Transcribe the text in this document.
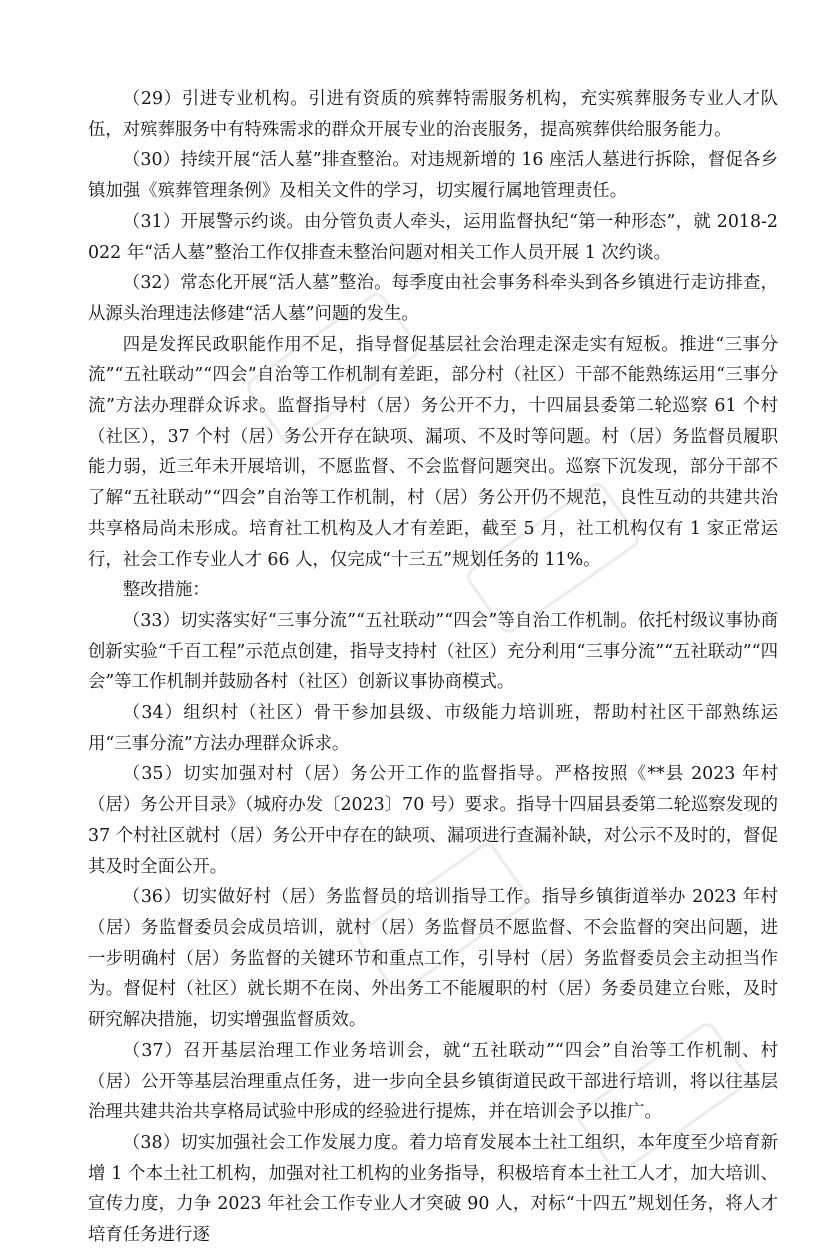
（29）引进专业机构。引进有资质的殡葬特需服务机构，充实殡葬服务专业人才队伍，对殡葬服务中有特殊需求的群众开展专业的治丧服务，提高殡葬供给服务能力。

（30）持续开展“活人墓”排查整治。对违规新增的 16 座活人墓进行拆除，督促各乡镇加强《殡葬管理条例》及相关文件的学习，切实履行属地管理责任。

（31）开展警示约谈。由分管负责人牵头，运用监督执纪“第一种形态”，就 2018-2022 年“活人墓”整治工作仅排查未整治问题对相关工作人员开展 1 次约谈。

（32）常态化开展“活人墓”整治。每季度由社会事务科牵头到各乡镇进行走访排查，从源头治理违法修建“活人墓”问题的发生。

四是发挥民政职能作用不足，指导督促基层社会治理走深走实有短板。推进“三事分流”“五社联动”“四会”自治等工作机制有差距，部分村（社区）干部不能熟练运用“三事分流”方法办理群众诉求。监督指导村（居）务公开不力，十四届县委第二轮巡察 61 个村（社区），37 个村（居）务公开存在缺项、漏项、不及时等问题。村（居）务监督员履职能力弱，近三年未开展培训，不愿监督、不会监督问题突出。巡察下沉发现，部分干部不了解“五社联动”“四会”自治等工作机制，村（居）务公开仍不规范，良性互动的共建共治共享格局尚未形成。培育社工机构及人才有差距，截至 5 月，社工机构仅有 1 家正常运行，社会工作专业人才 66 人，仅完成“十三五”规划任务的 11%。

整改措施：

（33）切实落实好“三事分流”“五社联动”“四会”等自治工作机制。依托村级议事协商创新实验“千百工程”示范点创建，指导支持村（社区）充分利用“三事分流”“五社联动”“四会”等工作机制并鼓励各村（社区）创新议事协商模式。

（34）组织村（社区）骨干参加县级、市级能力培训班，帮助村社区干部熟练运用“三事分流”方法办理群众诉求。

（35）切实加强对村（居）务公开工作的监督指导。严格按照《**县 2023 年村（居）务公开目录》（城府办发〔2023〕70 号）要求。指导十四届县委第二轮巡察发现的 37 个村社区就村（居）务公开中存在的缺项、漏项进行查漏补缺，对公示不及时的，督促其及时全面公开。

（36）切实做好村（居）务监督员的培训指导工作。指导乡镇街道举办 2023 年村（居）务监督委员会成员培训，就村（居）务监督员不愿监督、不会监督的突出问题，进一步明确村（居）务监督的关键环节和重点工作，引导村（居）务监督委员会主动担当作为。督促村（社区）就长期不在岗、外出务工不能履职的村（居）务委员建立台账，及时研究解决措施，切实增强监督质效。

（37）召开基层治理工作业务培训会，就“五社联动”“四会”自治等工作机制、村（居）公开等基层治理重点任务，进一步向全县乡镇街道民政干部进行培训，将以往基层治理共建共治共享格局试验中形成的经验进行提炼，并在培训会予以推广。

（38）切实加强社会工作发展力度。着力培育发展本土社工组织，本年度至少培育新增 1 个本土社工机构，加强对社工机构的业务指导，积极培育本土社工人才，加大培训、宣传力度，力争 2023 年社会工作专业人才突破 90 人，对标“十四五”规划任务，将人才培育任务进行逐
